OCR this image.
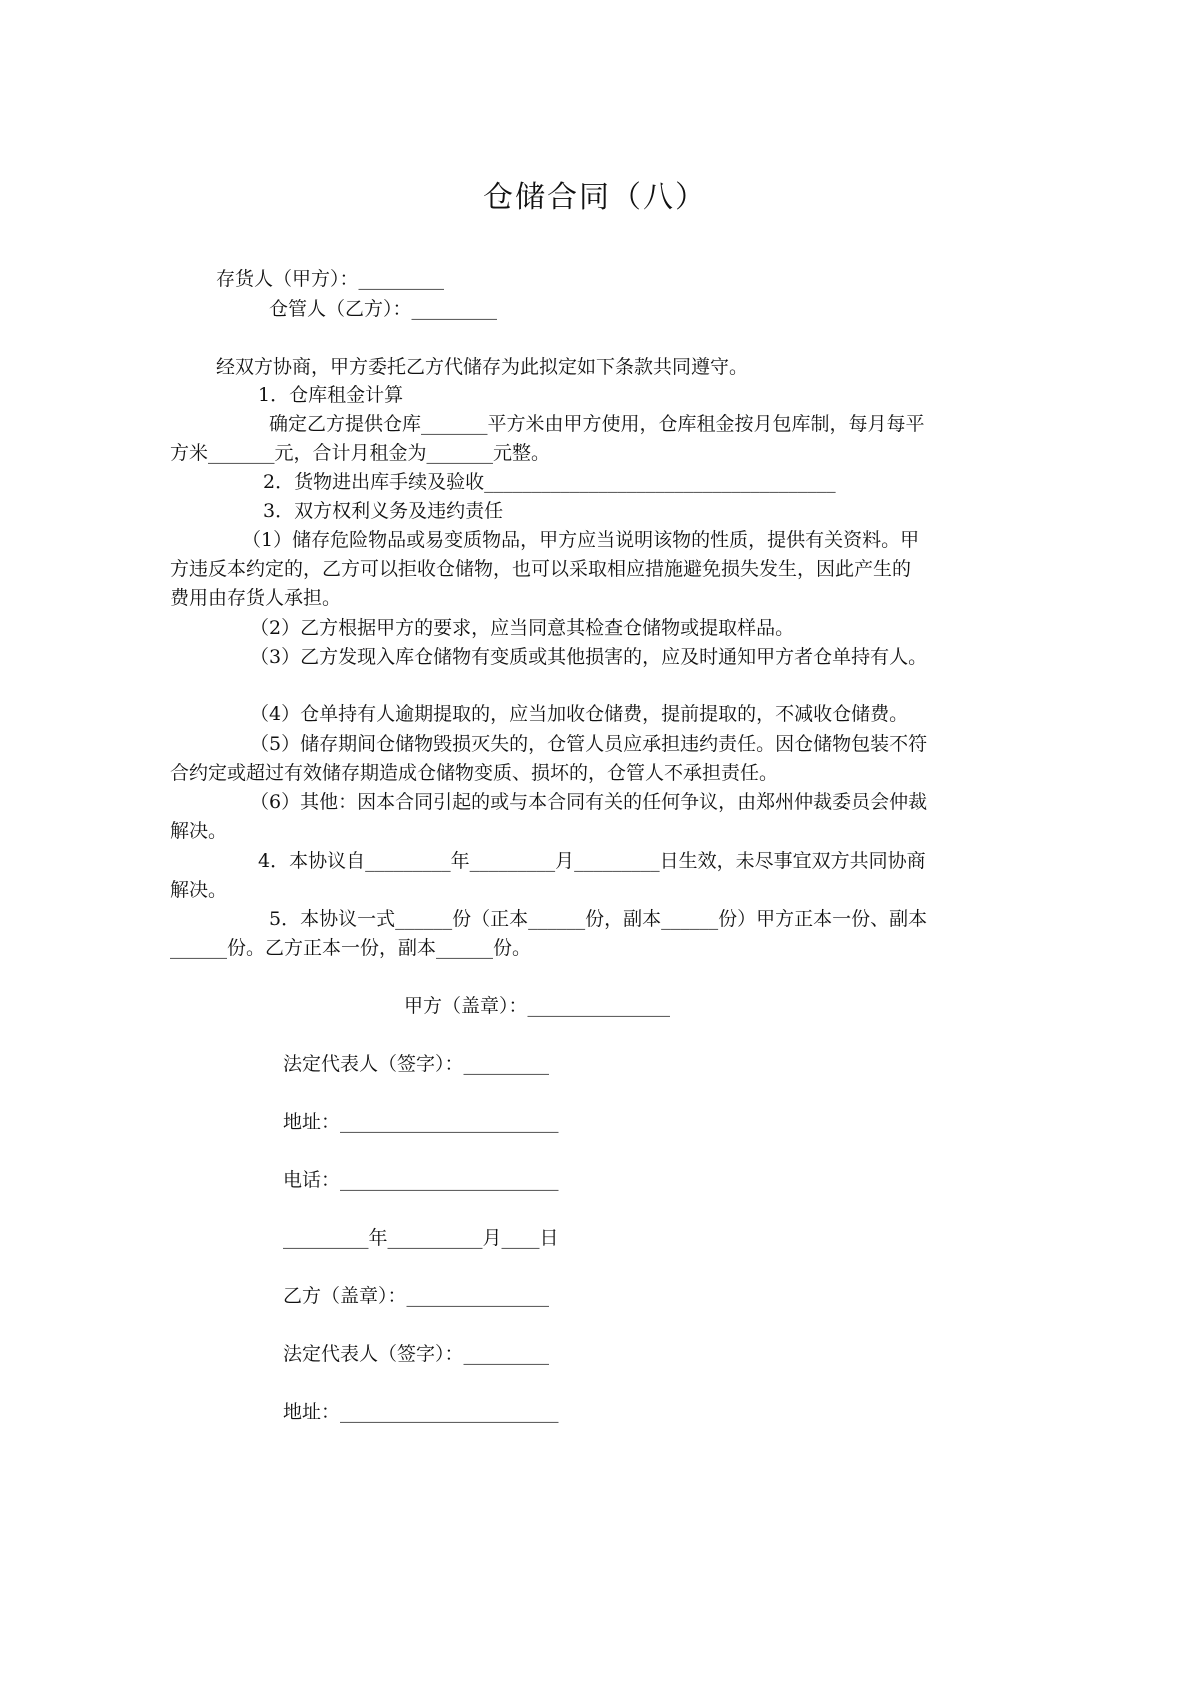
仓储合同（八）
存货人（甲方）：_________
仓管人（乙方）：_________
经双方协商，甲方委托乙方代储存为此拟定如下条款共同遵守。
1．仓库租金计算
确定乙方提供仓库_______平方米由甲方使用，仓库租金按月包库制，每月每平
方米_______元，合计月租金为_______元整。
2．货物进出库手续及验收_____________________________________
3．双方权利义务及违约责任
（1）储存危险物品或易变质物品，甲方应当说明该物的性质，提供有关资料。甲
方违反本约定的，乙方可以拒收仓储物，也可以采取相应措施避免损失发生，因此产生的
费用由存货人承担。
（2）乙方根据甲方的要求，应当同意其检查仓储物或提取样品。
（3）乙方发现入库仓储物有变质或其他损害的，应及时通知甲方者仓单持有人。
（4）仓单持有人逾期提取的，应当加收仓储费，提前提取的，不减收仓储费。
（5）储存期间仓储物毁损灭失的，仓管人员应承担违约责任。因仓储物包装不符
合约定或超过有效储存期造成仓储物变质、损坏的，仓管人不承担责任。
（6）其他：因本合同引起的或与本合同有关的任何争议，由郑州仲裁委员会仲裁
解决。
4．本协议自_________年_________月_________日生效，未尽事宜双方共同协商
解决。
5．本协议一式______份（正本______份，副本______份）甲方正本一份、副本
______份。乙方正本一份，副本______份。
甲方（盖章）：_______________
法定代表人（签字）：_________
地址：_______________________
电话：_______________________
_________年__________月____日
乙方（盖章）：_______________
法定代表人（签字）：_________
地址：_______________________
